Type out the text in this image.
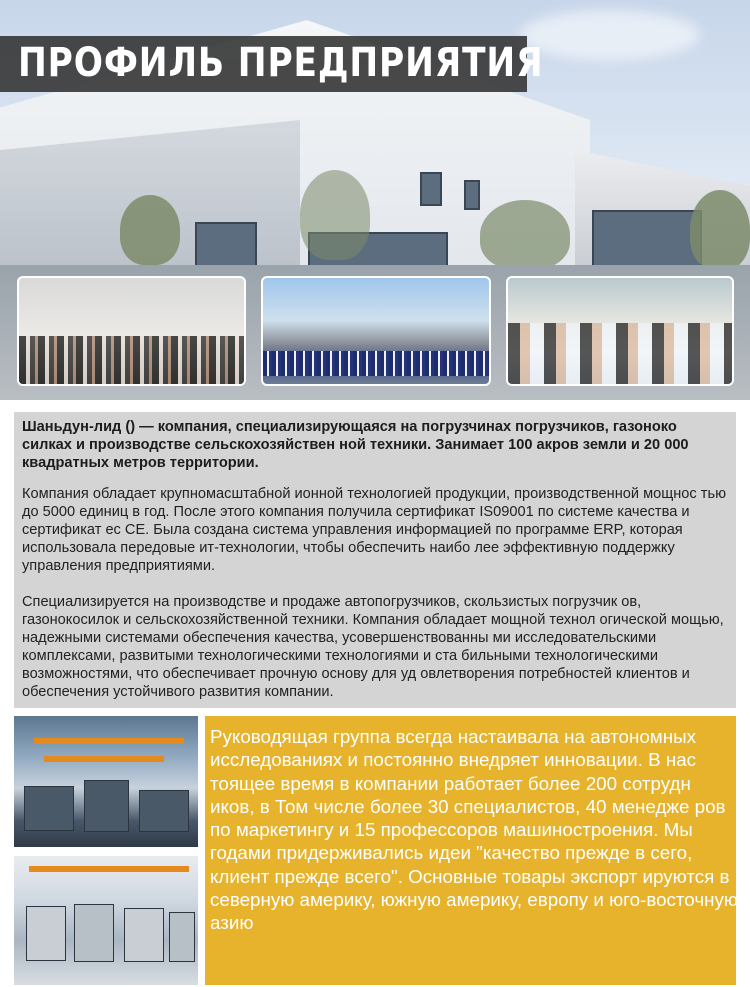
ПРОФИЛЬ ПРЕДПРИЯТИЯ

Шаньдун-лид () — компания, специализирующаяся на погрузчинах погрузчиков, газоноко силках и производстве сельскохозяйствен ной техники. Занимает 100 акров земли и 20 000 квадратных метров территории.

Компания обладает крупномасштабной ионной технологией продукции, производственной мощнос тью до 5000 единиц в год. После этого компания получила сертификат IS09001 по системе качества и сертификат ес CE. Была создана система управления информацией по программе ERP, которая использовала передовые ит-технологии, чтобы обеспечить наибо лее эффективную поддержку управления предприятиями.

Специализируется на производстве и продаже автопогрузчиков, скользистых погрузчик ов, газонокосилок и сельскохозяйственной техники. Компания обладает мощной технол огической мощью, надежными системами обеспечения качества, усовершенствованны ми исследовательскими комплексами, развитыми технологическими технологиями и ста бильными технологическими возможностями, что обеспечивает прочную основу для уд овлетворения потребностей клиентов и обеспечения устойчивого развития компании.

Руководящая группа всегда настаивала на автономных исследованиях и постоянно внедряет инновации. В нас тоящее время в компании работает более 200 сотрудн иков, в Том числе более 30 специалистов, 40 менедже ров по маркетингу и 15 профессоров машиностроения. Мы годами придерживались идеи "качество прежде в сего, клиент прежде всего". Основные товары экспорт ируются в северную америку, южную америку, европу и юго-восточную азию
